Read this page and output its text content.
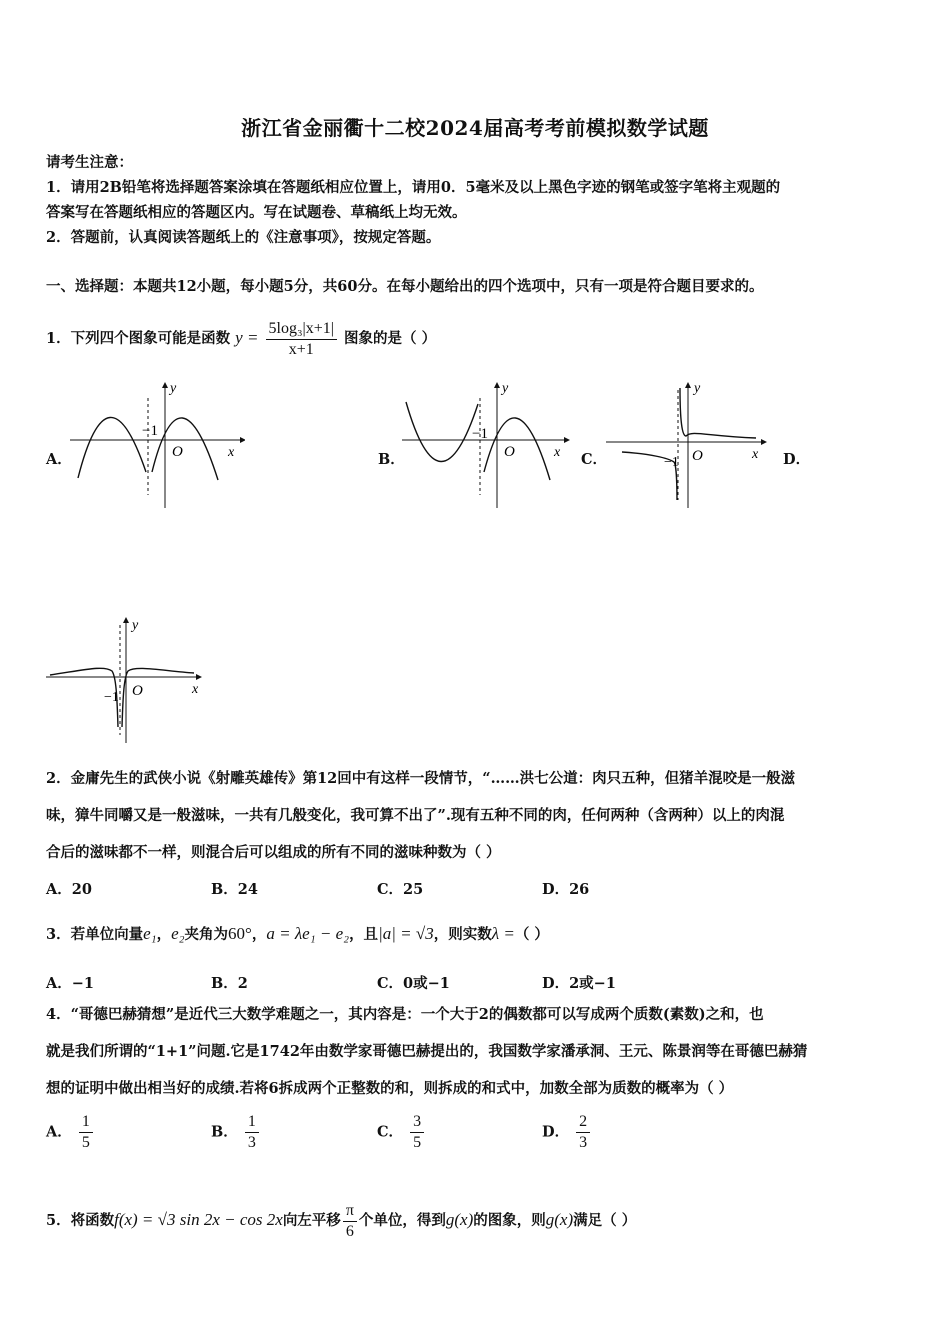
浙江省金丽衢十二校2024届高考考前模拟数学试题
请考生注意：
1．请用2B铅笔将选择题答案涂填在答题纸相应位置上，请用0．5毫米及以上黑色字迹的钢笔或签字笔将主观题的
答案写在答题纸相应的答题区内。写在试题卷、草稿纸上均无效。
2．答题前，认真阅读答题纸上的《注意事项》，按规定答题。
一、选择题：本题共12小题，每小题5分，共60分。在每小题给出的四个选项中，只有一项是符合题目要求的。
1．下列四个图象可能是函数 $y = \frac{\text{5log₃|x+1|}}{x+1}$ 图象的是（ ）
A．
y
x
O
−1
B．
y
x
O
−1
C．
y
x
O
−1	D．
y
x
O
−1
2．金庸先生的武侠小说《射雕英雄传》第12回中有这样一段情节，“……洪七公道：肉只五种，但猪羊混咬是一般滋
味，獐牛同嚼又是一般滋味，一共有几般变化，我可算不出了”.现有五种不同的肉，任何两种（含两种）以上的肉混
合后的滋味都不一样，则混合后可以组成的所有不同的滋味种数为（ ）
A．20	B．24	C．25	D．26
3．若单位向量e₁，e₂夹角为60°，a = λe₁ − e₂，且|a| = √3，则实数λ =（ ）
A．−1	B．2	C．0或−1	D．2或−1
4．“哥德巴赫猜想”是近代三大数学难题之一，其内容是：一个大于2的偶数都可以写成两个质数(素数)之和，也
就是我们所谓的“1+1”问题.它是1742年由数学家哥德巴赫提出的，我国数学家潘承洞、王元、陈景润等在哥德巴赫猜
想的证明中做出相当好的成绩.若将6拆成两个正整数的和，则拆成的和式中，加数全部为质数的概率为（ ）
A． $\frac{1}{5}$	B． $\frac{1}{3}$	C． $\frac{3}{5}$	D． $\frac{2}{3}$
5．将函数f(x) = √3 sin 2x − cos 2x向左平移 $\frac{\pi}{6}$ 个单位，得到g(x)的图象，则g(x)满足（ ）
